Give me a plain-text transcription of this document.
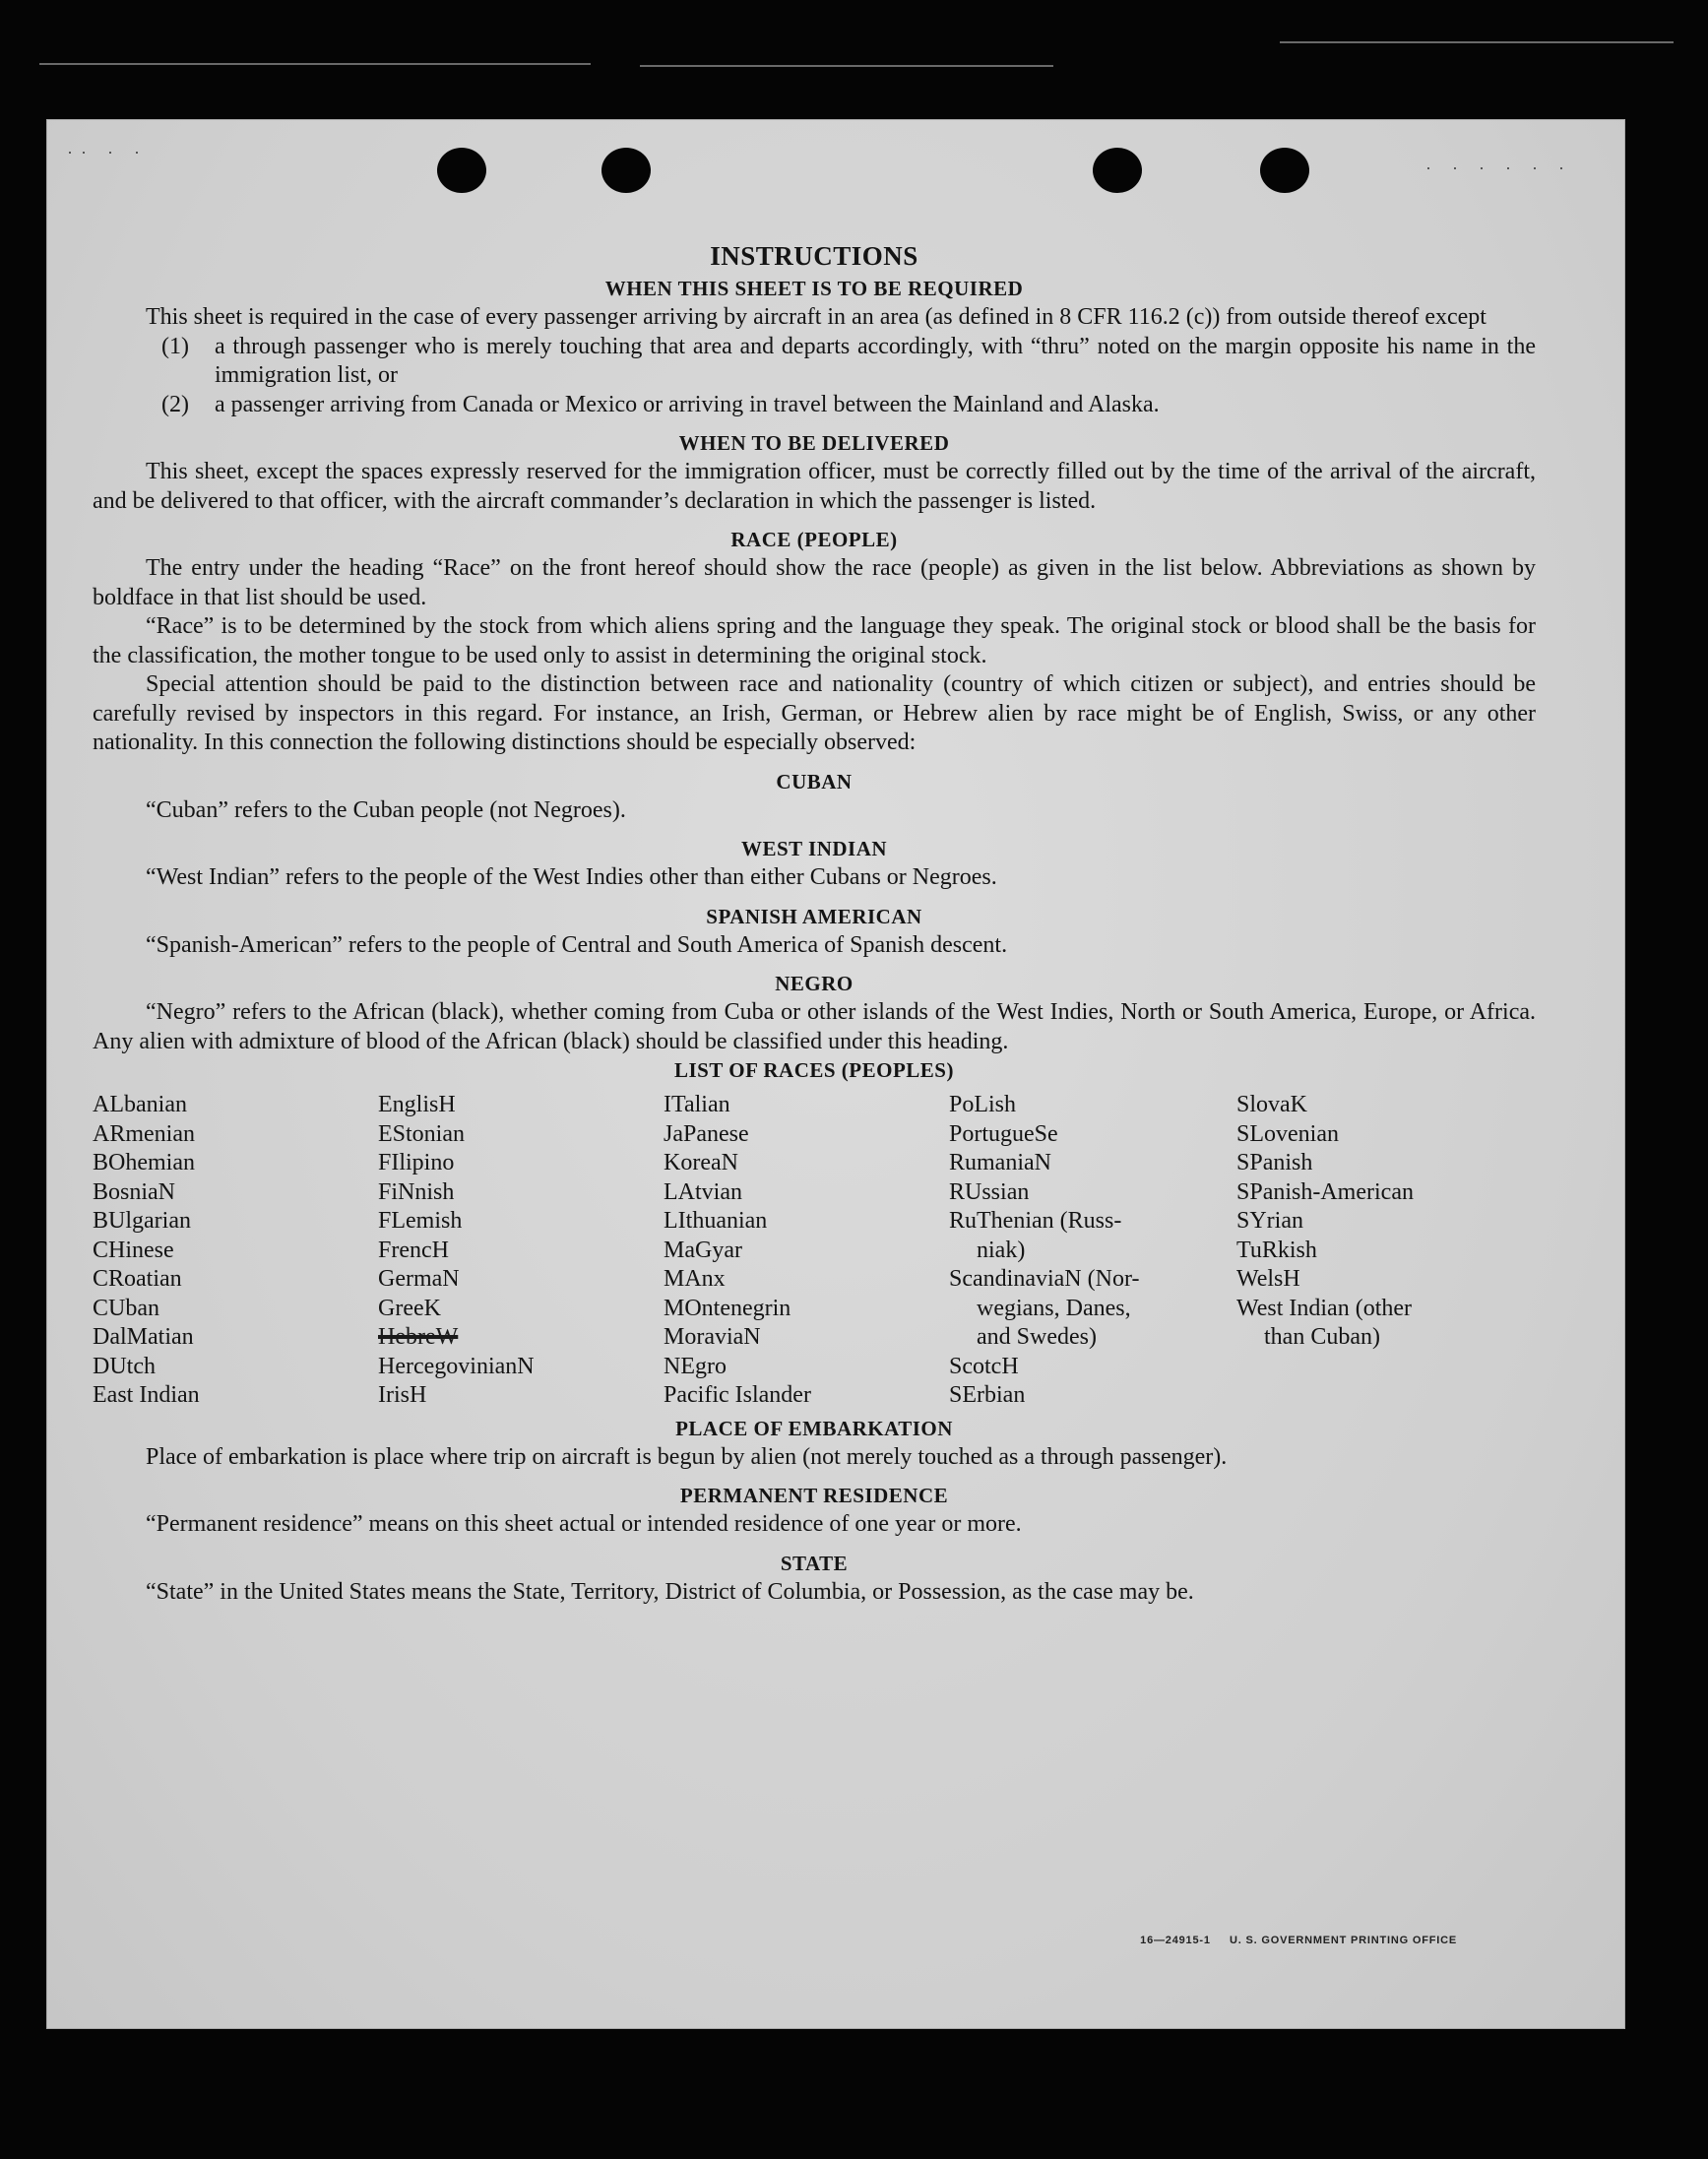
·· · ·
· · · · · ·
INSTRUCTIONS
WHEN THIS SHEET IS TO BE REQUIRED

This sheet is required in the case of every passenger arriving by aircraft in an area (as defined in 8 CFR 116.2 (c)) from outside thereof except

(1)	a through passenger who is merely touching that area and departs accordingly, with “thru” noted on the margin opposite his name in the immigration list, or
(2)	a passenger arriving from Canada or Mexico or arriving in travel between the Mainland and Alaska.
WHEN TO BE DELIVERED

This sheet, except the spaces expressly reserved for the immigration officer, must be correctly filled out by the time of the arrival of the aircraft, and be delivered to that officer, with the aircraft commander’s declaration in which the passenger is listed.

RACE (PEOPLE)

The entry under the heading “Race” on the front hereof should show the race (people) as given in the list below. Abbreviations as shown by boldface in that list should be used.

“Race” is to be determined by the stock from which aliens spring and the language they speak. The original stock or blood shall be the basis for the classification, the mother tongue to be used only to assist in determining the original stock.

Special attention should be paid to the distinction between race and nationality (country of which citizen or subject), and entries should be carefully revised by inspectors in this regard. For instance, an Irish, German, or Hebrew alien by race might be of English, Swiss, or any other nationality. In this connection the following distinctions should be especially observed:

CUBAN

“Cuban” refers to the Cuban people (not Negroes).

WEST INDIAN

“West Indian” refers to the people of the West Indies other than either Cubans or Negroes.

SPANISH AMERICAN

“Spanish-American” refers to the people of Central and South America of Spanish descent.

NEGRO

“Negro” refers to the African (black), whether coming from Cuba or other islands of the West Indies, North or South America, Europe, or Africa. Any alien with admixture of blood of the African (black) should be classified under this heading.

LIST OF RACES (PEOPLES)
ALbanian
ARmenian
BOhemian
BosniaN
BUlgarian
CHinese
CRoatian
CUban
DalMatian
DUtch
East Indian
EnglisH
EStonian
FIlipino
FiNnish
FLemish
FrencH
GermaN
GreeK
HebreW
HercegovinianN
IrisH
ITalian
JaPanese
KoreaN
LAtvian
LIthuanian
MaGyar
MAnx
MOntenegrin
MoraviaN
NEgro
Pacific Islander
PoLish
PortugueSe
RumaniaN
RUssian
RuThenian (Russ-
niak)
ScandinaviaN (Nor-
wegians, Danes,
and Swedes)
ScotcH
SErbian
SlovaK
SLovenian
SPanish
SPanish-American
SYrian
TuRkish
WelsH
West Indian (other
than Cuban)
PLACE OF EMBARKATION

Place of embarkation is place where trip on aircraft is begun by alien (not merely touched as a through passenger).

PERMANENT RESIDENCE

“Permanent residence” means on this sheet actual or intended residence of one year or more.

STATE

“State” in the United States means the State, Territory, District of Columbia, or Possession, as the case may be.

16—24915-1 U. S. GOVERNMENT PRINTING OFFICE
